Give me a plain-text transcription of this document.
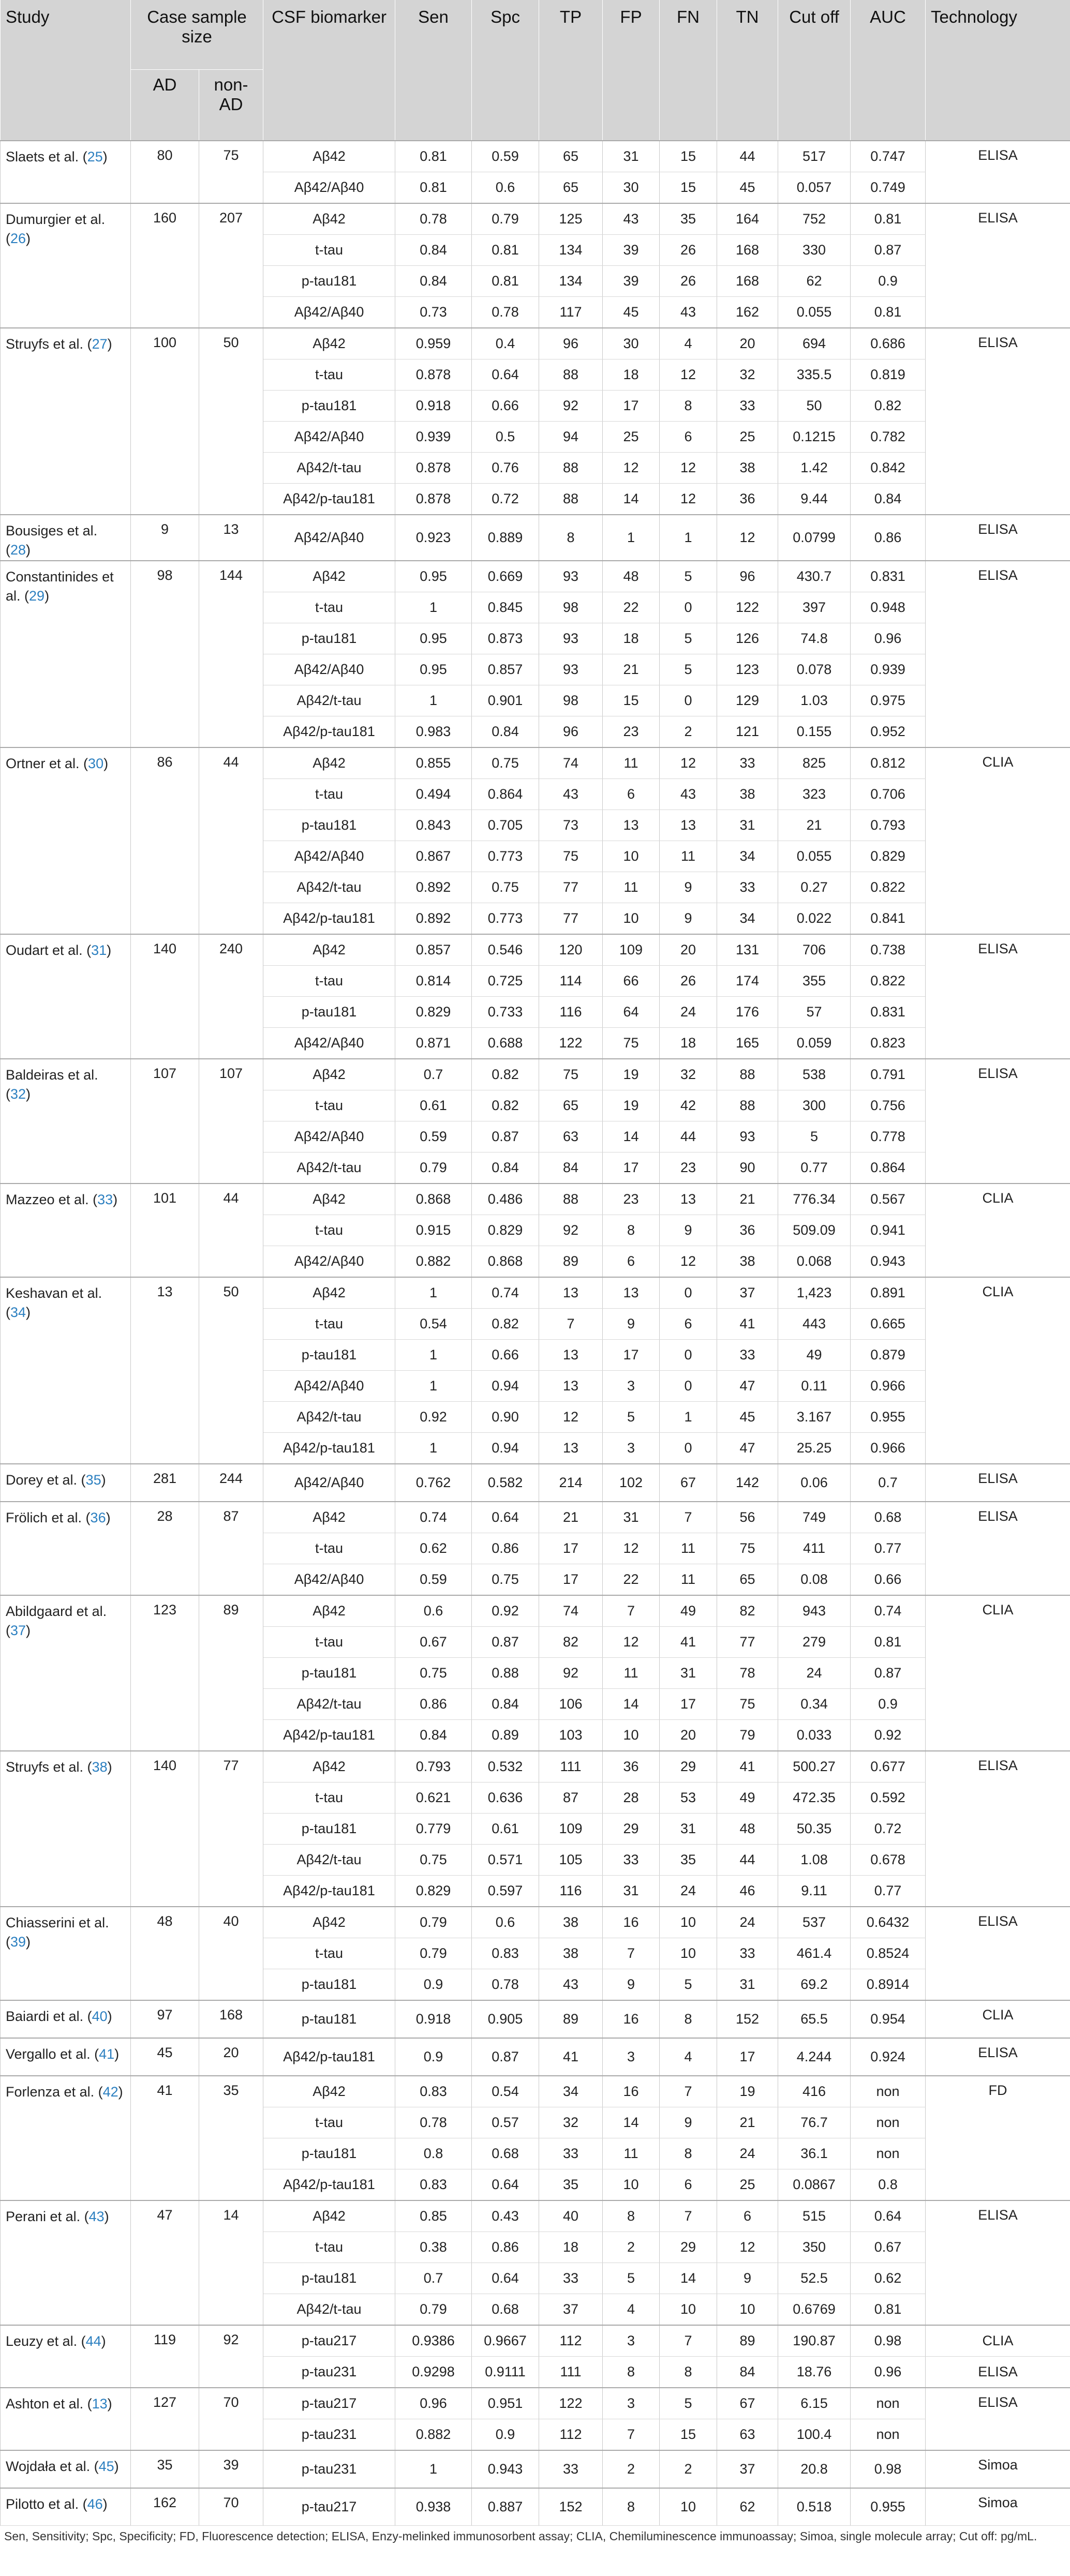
Study	Case sample size		CSF biomarker	Sen	Spc	TP	FP	FN	TN	Cut off	AUC	Technology
	AD	non-AD										
Slaets et al. (25)	80	75	Aβ42	0.81	0.59	65	31	15	44	517	0.747	ELISA
			Aβ42/Aβ40	0.81	0.6	65	30	15	45	0.057	0.749	
Dumurgier et al. (26)	160	207	Aβ42	0.78	0.79	125	43	35	164	752	0.81	ELISA
			t-tau	0.84	0.81	134	39	26	168	330	0.87	
			p-tau181	0.84	0.81	134	39	26	168	62	0.9	
			Aβ42/Aβ40	0.73	0.78	117	45	43	162	0.055	0.81	
Struyfs et al. (27)	100	50	Aβ42	0.959	0.4	96	30	4	20	694	0.686	ELISA
			t-tau	0.878	0.64	88	18	12	32	335.5	0.819	
			p-tau181	0.918	0.66	92	17	8	33	50	0.82	
			Aβ42/Aβ40	0.939	0.5	94	25	6	25	0.1215	0.782	
			Aβ42/t-tau	0.878	0.76	88	12	12	38	1.42	0.842	
			Aβ42/p-tau181	0.878	0.72	88	14	12	36	9.44	0.84	
Bousiges et al. (28)	9	13	Aβ42/Aβ40	0.923	0.889	8	1	1	12	0.0799	0.86	ELISA
Constantinides et al. (29)	98	144	Aβ42	0.95	0.669	93	48	5	96	430.7	0.831	ELISA
			t-tau	1	0.845	98	22	0	122	397	0.948	
			p-tau181	0.95	0.873	93	18	5	126	74.8	0.96	
			Aβ42/Aβ40	0.95	0.857	93	21	5	123	0.078	0.939	
			Aβ42/t-tau	1	0.901	98	15	0	129	1.03	0.975	
			Aβ42/p-tau181	0.983	0.84	96	23	2	121	0.155	0.952	
Ortner et al. (30)	86	44	Aβ42	0.855	0.75	74	11	12	33	825	0.812	CLIA
			t-tau	0.494	0.864	43	6	43	38	323	0.706	
			p-tau181	0.843	0.705	73	13	13	31	21	0.793	
			Aβ42/Aβ40	0.867	0.773	75	10	11	34	0.055	0.829	
			Aβ42/t-tau	0.892	0.75	77	11	9	33	0.27	0.822	
			Aβ42/p-tau181	0.892	0.773	77	10	9	34	0.022	0.841	
Oudart et al. (31)	140	240	Aβ42	0.857	0.546	120	109	20	131	706	0.738	ELISA
			t-tau	0.814	0.725	114	66	26	174	355	0.822	
			p-tau181	0.829	0.733	116	64	24	176	57	0.831	
			Aβ42/Aβ40	0.871	0.688	122	75	18	165	0.059	0.823	
Baldeiras et al. (32)	107	107	Aβ42	0.7	0.82	75	19	32	88	538	0.791	ELISA
			t-tau	0.61	0.82	65	19	42	88	300	0.756	
			Aβ42/Aβ40	0.59	0.87	63	14	44	93	5	0.778	
			Aβ42/t-tau	0.79	0.84	84	17	23	90	0.77	0.864	
Mazzeo et al. (33)	101	44	Aβ42	0.868	0.486	88	23	13	21	776.34	0.567	CLIA
			t-tau	0.915	0.829	92	8	9	36	509.09	0.941	
			Aβ42/Aβ40	0.882	0.868	89	6	12	38	0.068	0.943	
Keshavan et al. (34)	13	50	Aβ42	1	0.74	13	13	0	37	1,423	0.891	CLIA
			t-tau	0.54	0.82	7	9	6	41	443	0.665	
			p-tau181	1	0.66	13	17	0	33	49	0.879	
			Aβ42/Aβ40	1	0.94	13	3	0	47	0.11	0.966	
			Aβ42/t-tau	0.92	0.90	12	5	1	45	3.167	0.955	
			Aβ42/p-tau181	1	0.94	13	3	0	47	25.25	0.966	
Dorey et al. (35)	281	244	Aβ42/Aβ40	0.762	0.582	214	102	67	142	0.06	0.7	ELISA
Frölich et al. (36)	28	87	Aβ42	0.74	0.64	21	31	7	56	749	0.68	ELISA
			t-tau	0.62	0.86	17	12	11	75	411	0.77	
			Aβ42/Aβ40	0.59	0.75	17	22	11	65	0.08	0.66	
Abildgaard et al. (37)	123	89	Aβ42	0.6	0.92	74	7	49	82	943	0.74	CLIA
			t-tau	0.67	0.87	82	12	41	77	279	0.81	
			p-tau181	0.75	0.88	92	11	31	78	24	0.87	
			Aβ42/t-tau	0.86	0.84	106	14	17	75	0.34	0.9	
			Aβ42/p-tau181	0.84	0.89	103	10	20	79	0.033	0.92	
Struyfs et al. (38)	140	77	Aβ42	0.793	0.532	111	36	29	41	500.27	0.677	ELISA
			t-tau	0.621	0.636	87	28	53	49	472.35	0.592	
			p-tau181	0.779	0.61	109	29	31	48	50.35	0.72	
			Aβ42/t-tau	0.75	0.571	105	33	35	44	1.08	0.678	
			Aβ42/p-tau181	0.829	0.597	116	31	24	46	9.11	0.77	
Chiasserini et al. (39)	48	40	Aβ42	0.79	0.6	38	16	10	24	537	0.6432	ELISA
			t-tau	0.79	0.83	38	7	10	33	461.4	0.8524	
			p-tau181	0.9	0.78	43	9	5	31	69.2	0.8914	
Baiardi et al. (40)	97	168	p-tau181	0.918	0.905	89	16	8	152	65.5	0.954	CLIA
Vergallo et al. (41)	45	20	Aβ42/p-tau181	0.9	0.87	41	3	4	17	4.244	0.924	ELISA
Forlenza et al. (42)	41	35	Aβ42	0.83	0.54	34	16	7	19	416	non	FD
			t-tau	0.78	0.57	32	14	9	21	76.7	non	
			p-tau181	0.8	0.68	33	11	8	24	36.1	non	
			Aβ42/p-tau181	0.83	0.64	35	10	6	25	0.0867	0.8	
Perani et al. (43)	47	14	Aβ42	0.85	0.43	40	8	7	6	515	0.64	ELISA
			t-tau	0.38	0.86	18	2	29	12	350	0.67	
			p-tau181	0.7	0.64	33	5	14	9	52.5	0.62	
			Aβ42/t-tau	0.79	0.68	37	4	10	10	0.6769	0.81	
Leuzy et al. (44)	119	92	p-tau217	0.9386	0.9667	112	3	7	89	190.87	0.98	CLIA
			p-tau231	0.9298	0.9111	111	8	8	84	18.76	0.96	ELISA
Ashton et al. (13)	127	70	p-tau217	0.96	0.951	122	3	5	67	6.15	non	ELISA
			p-tau231	0.882	0.9	112	7	15	63	100.4	non	
Wojdała et al. (45)	35	39	p-tau231	1	0.943	33	2	2	37	20.8	0.98	Simoa
Pilotto et al. (46)	162	70	p-tau217	0.938	0.887	152	8	10	62	0.518	0.955	Simoa
Sen, Sensitivity; Spc, Specificity; FD, Fluorescence detection; ELISA, Enzy-melinked immunosorbent assay; CLIA, Chemiluminescence immunoassay; Simoa, single molecule array; Cut off: pg/mL.
